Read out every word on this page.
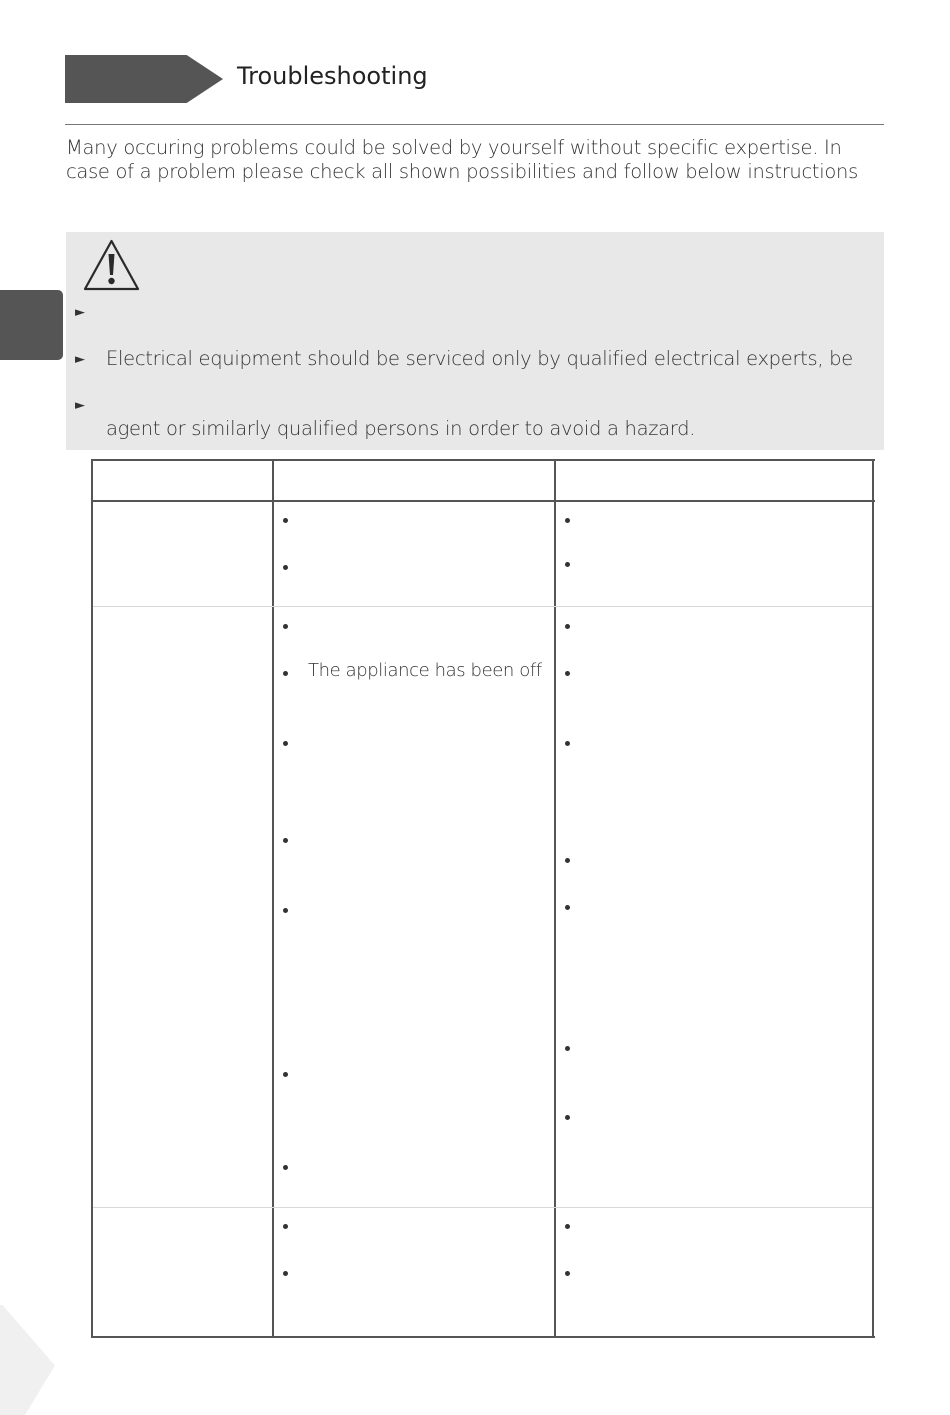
Troubleshooting
Many occuring problems could be solved by yourself without specific expertise. In
case of a problem please check all shown possibilities and follow below instructions
►
► Electrical equipment should be serviced only by qualified electrical experts, be
►
agent or similarly qualified persons in order to avoid a hazard.
The appliance has been off
